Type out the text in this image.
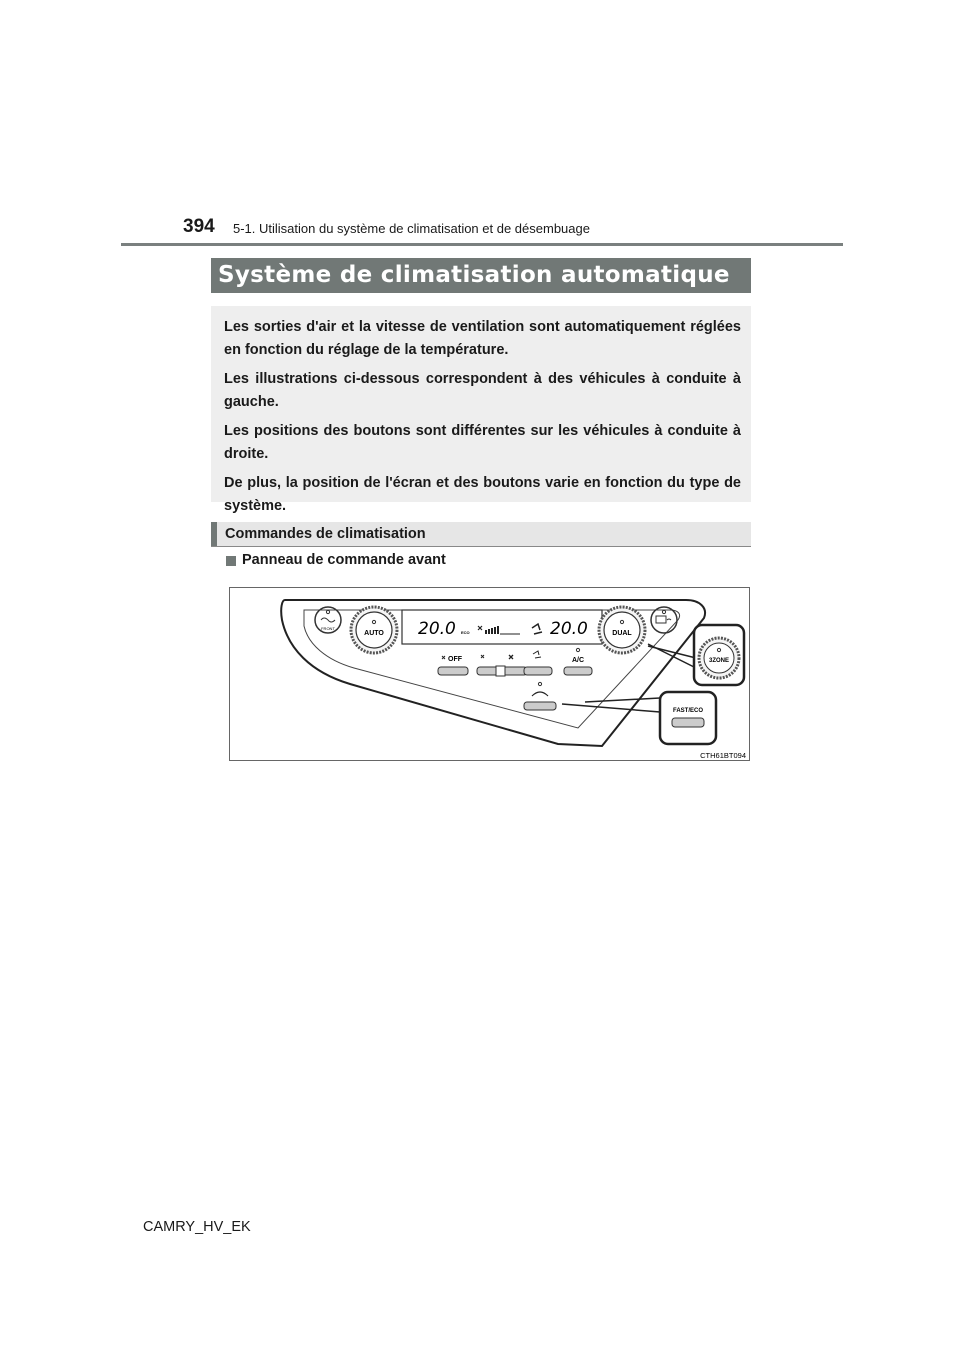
394 5-1. Utilisation du système de climatisation et de désembuage
Système de climatisation automatique

Les sorties d'air et la vitesse de ventilation sont automatiquement réglées en fonction du réglage de la température.

Les illustrations ci-dessous correspondent à des véhicules à conduite à gauche.

Les positions des boutons sont différentes sur les véhicules à conduite à droite.

De plus, la position de l'écran et des boutons varie en fonction du type de système.

Commandes de climatisation
Panneau de commande avant
FRONT
AUTO 20.0 ECO	20.0	DUAL
OFF	A/C	3ZONE
FAST/ECO
CTH61BT094
CAMRY_HV_EK
